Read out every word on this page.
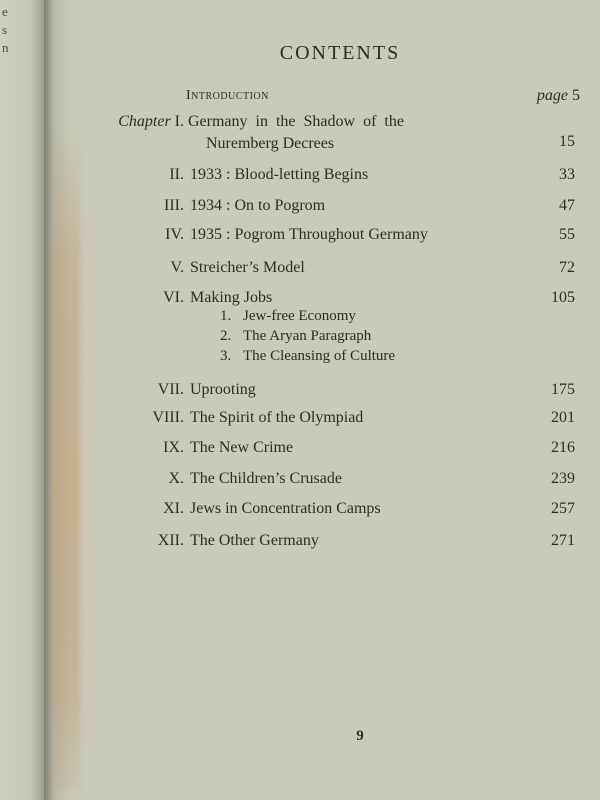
e
s
n	CONTENTS
Introduction	page 5
Chapter I. Germany in the Shadow of the
Nuremberg Decrees	15
II. 1933 : Blood-letting Begins	33
III. 1934 : On to Pogrom	47
IV. 1935 : Pogrom Throughout Germany	55
V. Streicher’s Model	72
VI. Making Jobs	105
1. Jew-free Economy
2. The Aryan Paragraph
3. The Cleansing of Culture
VII. Uprooting	175
VIII. The Spirit of the Olympiad	201
IX. The New Crime	216
X. The Children’s Crusade	239
XI. Jews in Concentration Camps	257
XII. The Other Germany	271
9
